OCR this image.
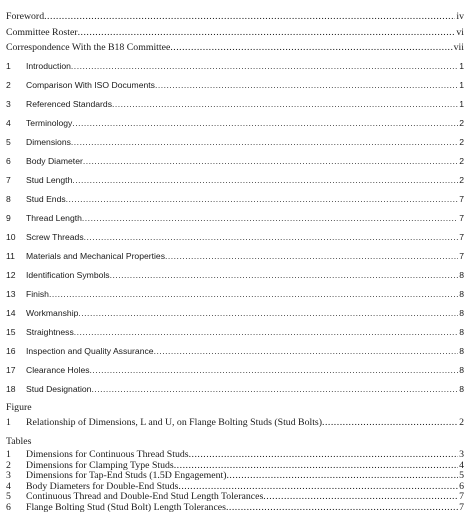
Foreword .....	iv
Committee Roster .....	vi
Correspondence With the B18 Committee .....	vii
1	Introduction .....	1
2	Comparison With ISO Documents .....	1
3	Referenced Standards .....	1
4	Terminology .....	2
5	Dimensions .....	2
6	Body Diameter .....	2
7	Stud Length .....	2
8	Stud Ends .....	7
9	Thread Length .....	7
10	Screw Threads .....	7
11	Materials and Mechanical Properties .....	7
12	Identification Symbols .....	8
13	Finish .....	8
14	Workmanship .....	8
15	Straightness .....	8
16	Inspection and Quality Assurance .....	8
17	Clearance Holes .....	8
18	Stud Designation .....	8
Figure
1	Relationship of Dimensions, L and U, on Flange Bolting Studs (Stud Bolts) .....	2
Tables
1	Dimensions for Continuous Thread Studs .....	3
2	Dimensions for Clamping Type Studs .....	4
3	Dimensions for Tap-End Studs (1.5D Engagement) .....	5
4	Body Diameters for Double-End Studs .....	6
5	Continuous Thread and Double-End Stud Length Tolerances .....	7
6	Flange Bolting Stud (Stud Bolt) Length Tolerances .....	7
